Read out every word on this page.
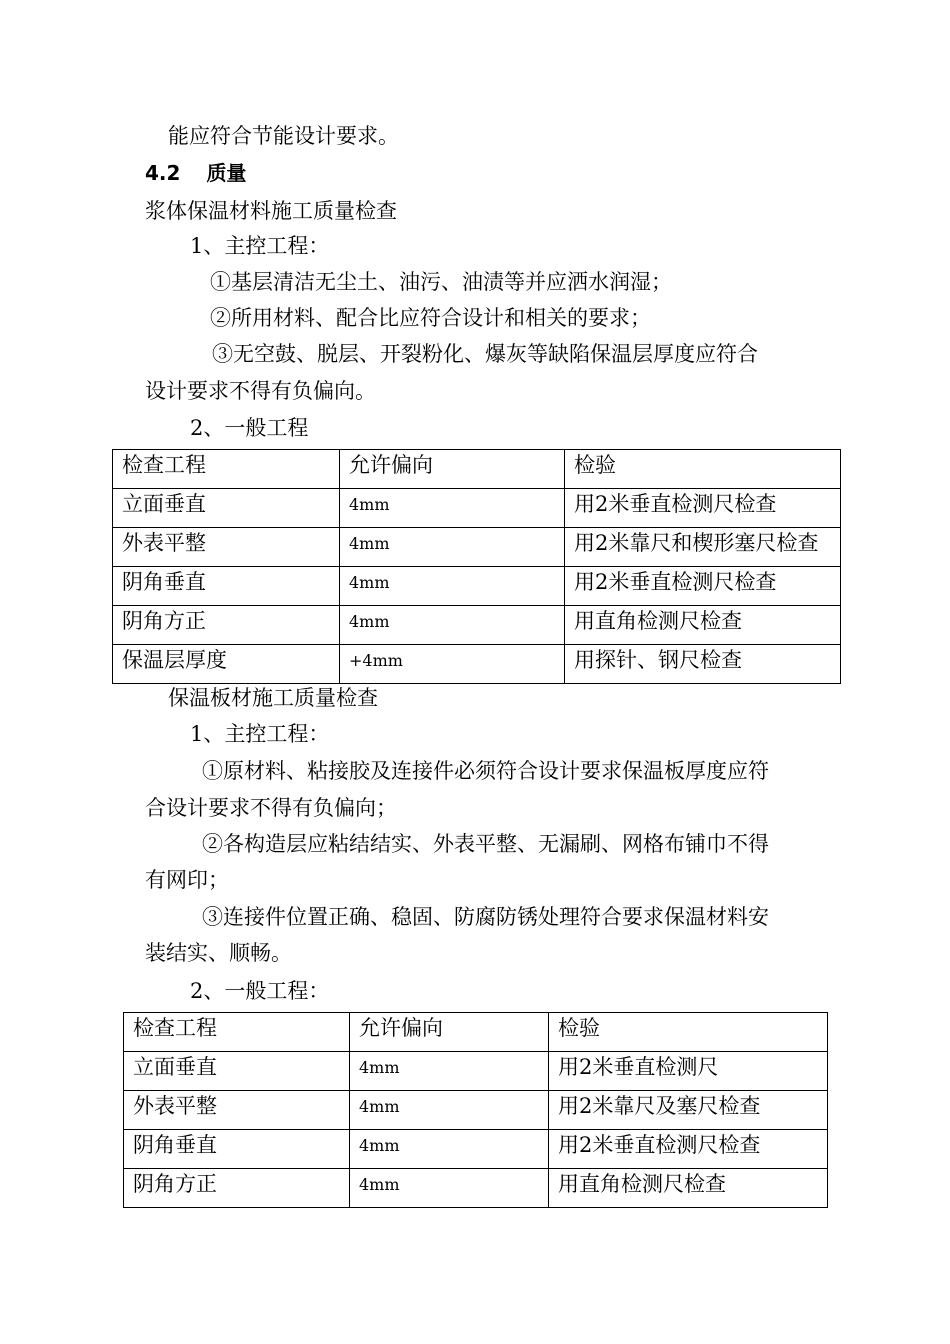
能应符合节能设计要求。
4.2 质量
浆体保温材料施工质量检查
1、主控工程：
①基层清洁无尘土、油污、油渍等并应洒水润湿；
②所用材料、配合比应符合设计和相关的要求；
③无空鼓、脱层、开裂粉化、爆灰等缺陷保温层厚度应符合
设计要求不得有负偏向。
2、一般工程
检查工程	允许偏向	检验
立面垂直	4mm	用2米垂直检测尺检查
外表平整	4mm	用2米靠尺和楔形塞尺检查
阴角垂直	4mm	用2米垂直检测尺检查
阴角方正	4mm	用直角检测尺检查
保温层厚度	+4mm	用探针、钢尺检查
保温板材施工质量检查
1、主控工程：
①原材料、粘接胶及连接件必须符合设计要求保温板厚度应符
合设计要求不得有负偏向；
②各构造层应粘结结实、外表平整、无漏刷、网格布铺巾不得
有网印；
③连接件位置正确、稳固、防腐防锈处理符合要求保温材料安
装结实、顺畅。
2、一般工程：
检查工程	允许偏向	检验
立面垂直	4mm	用2米垂直检测尺
外表平整	4mm	用2米靠尺及塞尺检查
阴角垂直	4mm	用2米垂直检测尺检查
阴角方正	4mm	用直角检测尺检查
